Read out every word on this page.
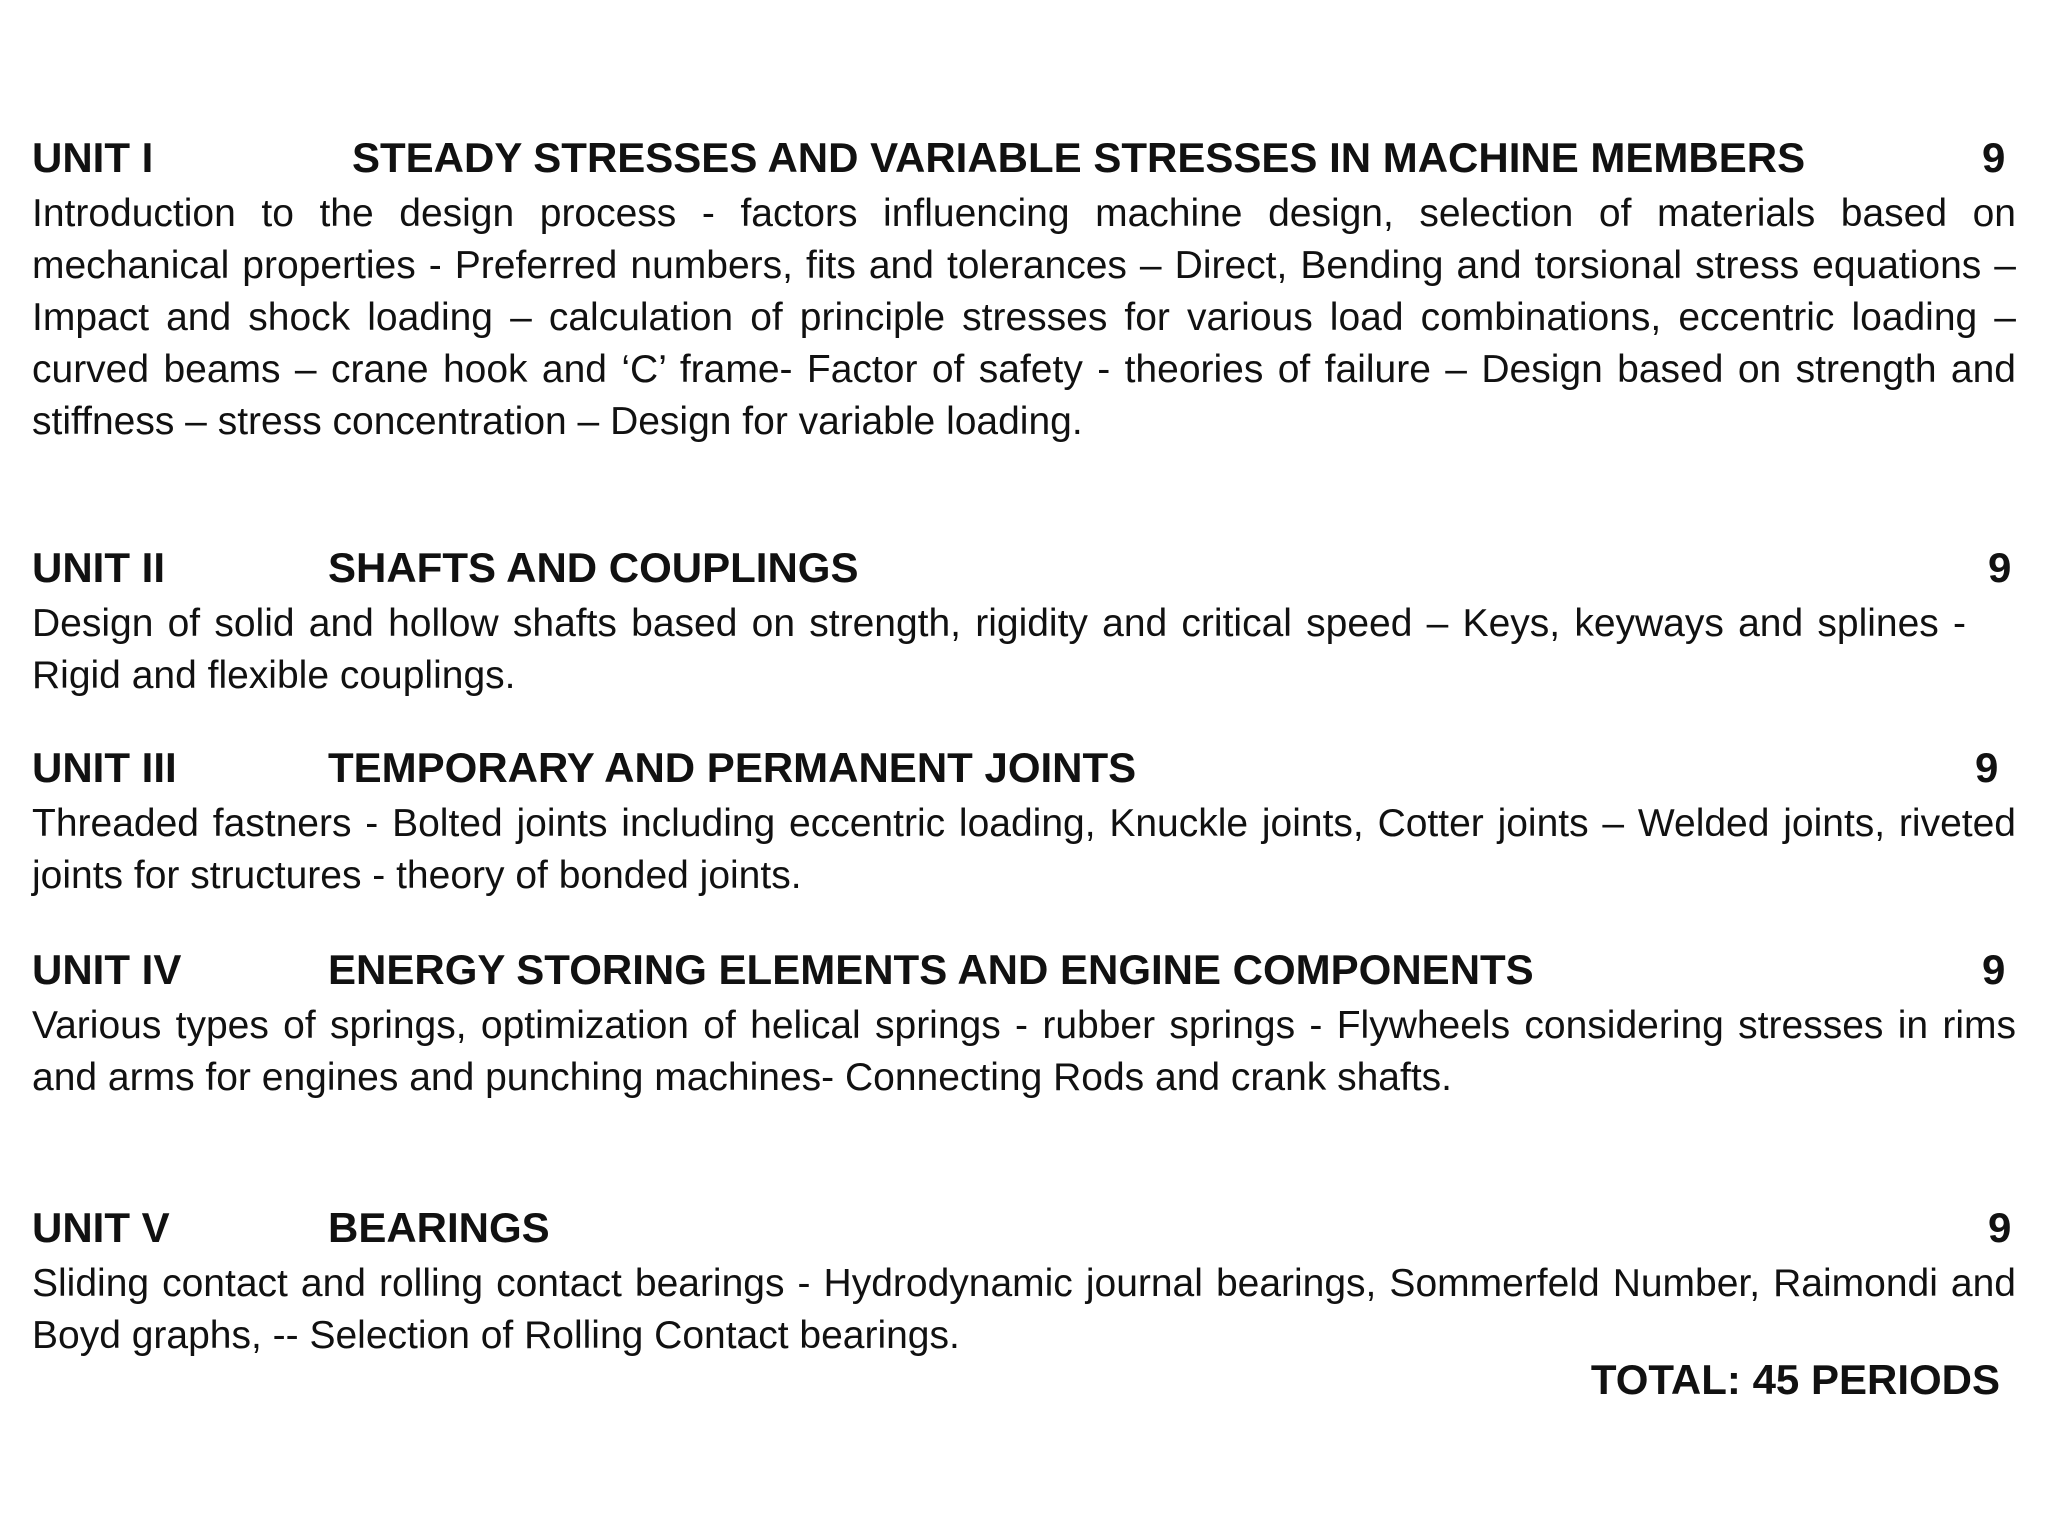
UNIT I	STEADY STRESSES AND VARIABLE STRESSES IN MACHINE MEMBERS	9

Introduction to the design process - factors influencing machine design, selection of materials based on mechanical properties - Preferred numbers, fits and tolerances – Direct, Bending and torsional stress equations – Impact and shock loading – calculation of principle stresses for various load combinations, eccentric loading – curved beams – crane hook and ‘C’ frame- Factor of safety - theories of failure – Design based on strength and stiffness – stress concentration – Design for variable loading.

UNIT II	SHAFTS AND COUPLINGS	9

Design of solid and hollow shafts based on strength, rigidity and critical speed – Keys, keyways and splines - Rigid and flexible couplings.

UNIT III	TEMPORARY AND PERMANENT JOINTS	9

Threaded fastners - Bolted joints including eccentric loading, Knuckle joints, Cotter joints – Welded joints, riveted joints for structures - theory of bonded joints.

UNIT IV	ENERGY STORING ELEMENTS AND ENGINE COMPONENTS	9

Various types of springs, optimization of helical springs - rubber springs - Flywheels considering stresses in rims and arms for engines and punching machines- Connecting Rods and crank shafts.

UNIT V	BEARINGS	9

Sliding contact and rolling contact bearings - Hydrodynamic journal bearings, Sommerfeld Number, Raimondi and Boyd graphs, -- Selection of Rolling Contact bearings.

TOTAL: 45 PERIODS
